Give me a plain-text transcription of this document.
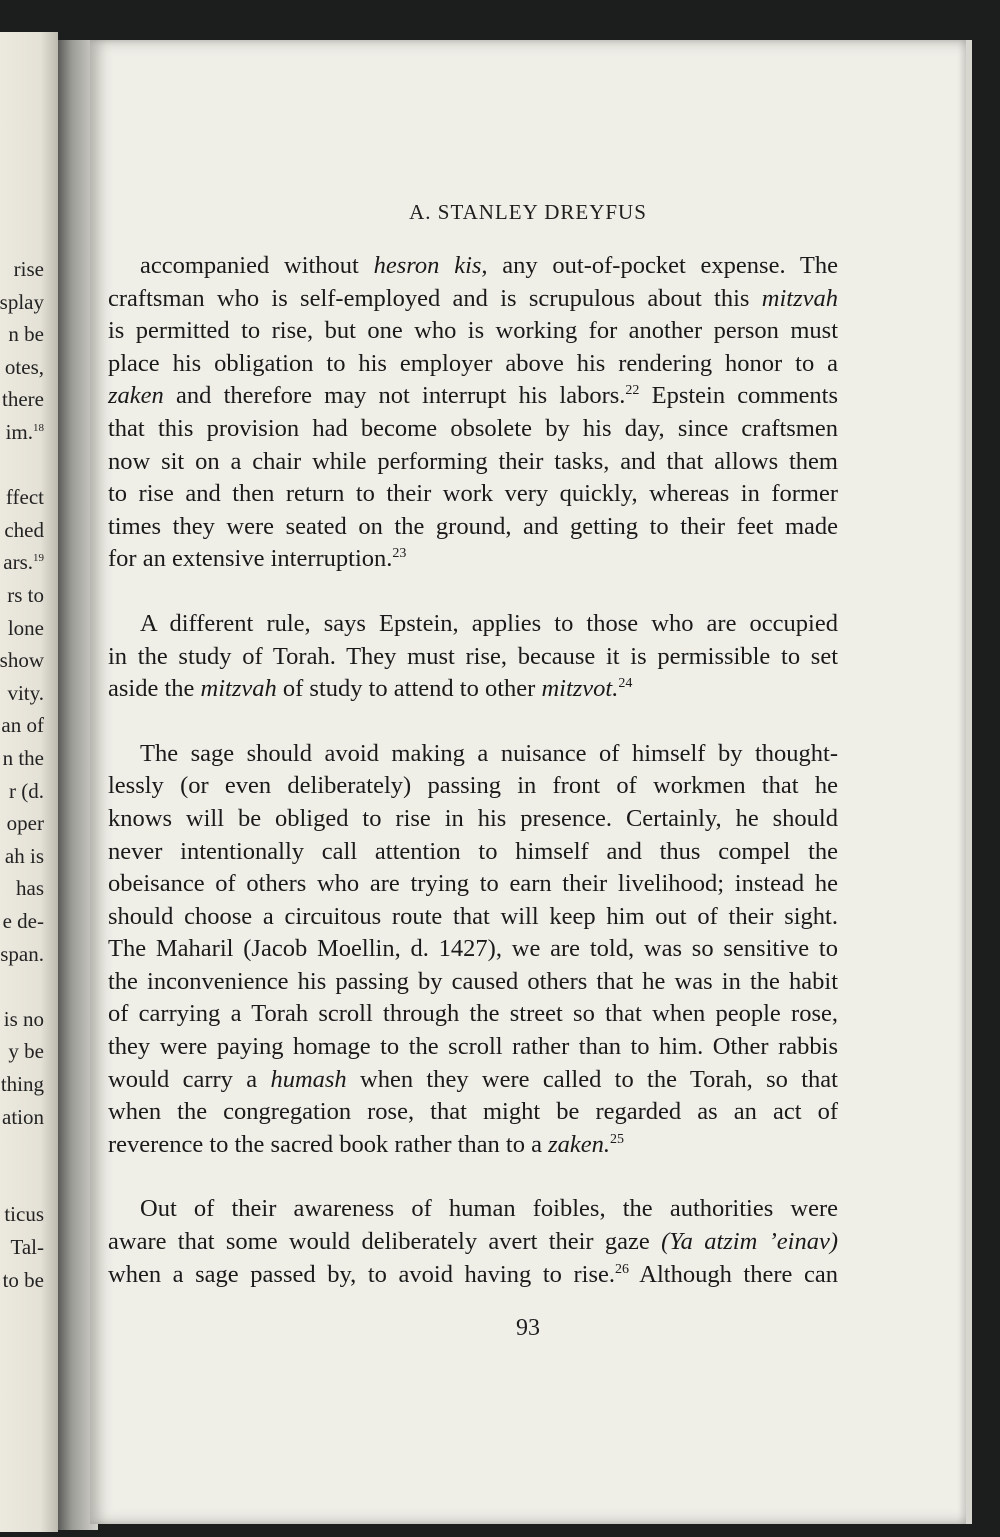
rise
splay
n be
otes,
there
im.$^{18}$
ffect
ched
ars.$^{19}$
rs to
lone
show
vity.
an of
n the
r (d.
oper
ah is
has
e de-
span.
is no
y be
thing
ation
ticus
Tal-
to be
A. STANLEY DREYFUS
accompanied without hesron kis, any out-of-pocket expense. The
craftsman who is self-employed and is scrupulous about this mitzvah
is permitted to rise, but one who is working for another person must
place his obligation to his employer above his rendering honor to a
zaken and therefore may not interrupt his labors.$^{22}$ Epstein comments
that this provision had become obsolete by his day, since craftsmen
now sit on a chair while performing their tasks, and that allows them
to rise and then return to their work very quickly, whereas in former
times they were seated on the ground, and getting to their feet made
for an extensive interruption.$^{23}$
A different rule, says Epstein, applies to those who are occupied
in the study of Torah. They must rise, because it is permissible to set
aside the mitzvah of study to attend to other mitzvot.$^{24}$
The sage should avoid making a nuisance of himself by thought-
lessly (or even deliberately) passing in front of workmen that he
knows will be obliged to rise in his presence. Certainly, he should
never intentionally call attention to himself and thus compel the
obeisance of others who are trying to earn their livelihood; instead he
should choose a circuitous route that will keep him out of their sight.
The Maharil (Jacob Moellin, d. 1427), we are told, was so sensitive to
the inconvenience his passing by caused others that he was in the habit
of carrying a Torah scroll through the street so that when people rose,
they were paying homage to the scroll rather than to him. Other rabbis
would carry a humash when they were called to the Torah, so that
when the congregation rose, that might be regarded as an act of
reverence to the sacred book rather than to a zaken.$^{25}$
Out of their awareness of human foibles, the authorities were
aware that some would deliberately avert their gaze (Ya atzim ’einav)
when a sage passed by, to avoid having to rise.$^{26}$ Although there can
93
